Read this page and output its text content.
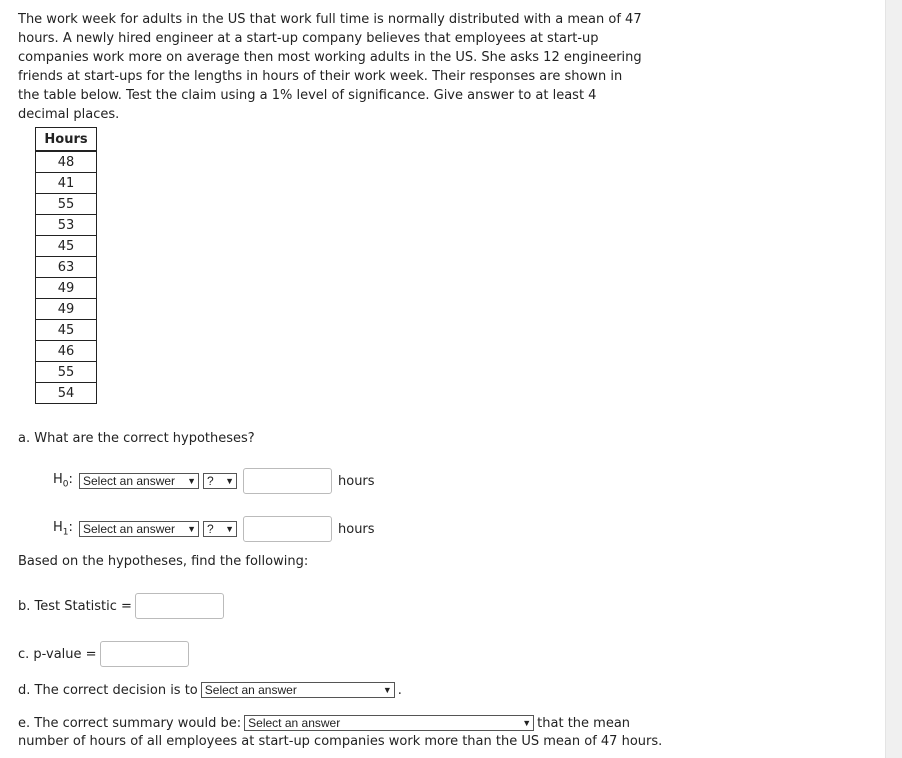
The work week for adults in the US that work full time is normally distributed with a mean of 47 hours. A newly hired engineer at a start-up company believes that employees at start-up companies work more on average then most working adults in the US. She asks 12 engineering friends at start-ups for the lengths in hours of their work week. Their responses are shown in the table below. Test the claim using a 1% level of significance. Give answer to at least 4 decimal places.

Hours
48
41
55
53
45
63
49
49
45
46
55
54
a. What are the correct hypotheses?
$H_0$: Select an answer ▼ ? ▼	hours
$H_1$: Select an answer ▼ ? ▼	hours
Based on the hypotheses, find the following:
b. Test Statistic =
c. p-value =
d. The correct decision is to Select an answer	▼ .
e. The correct summary would be: Select an answer	▼ that the mean
number of hours of all employees at start-up companies work more than the US mean of 47 hours.
